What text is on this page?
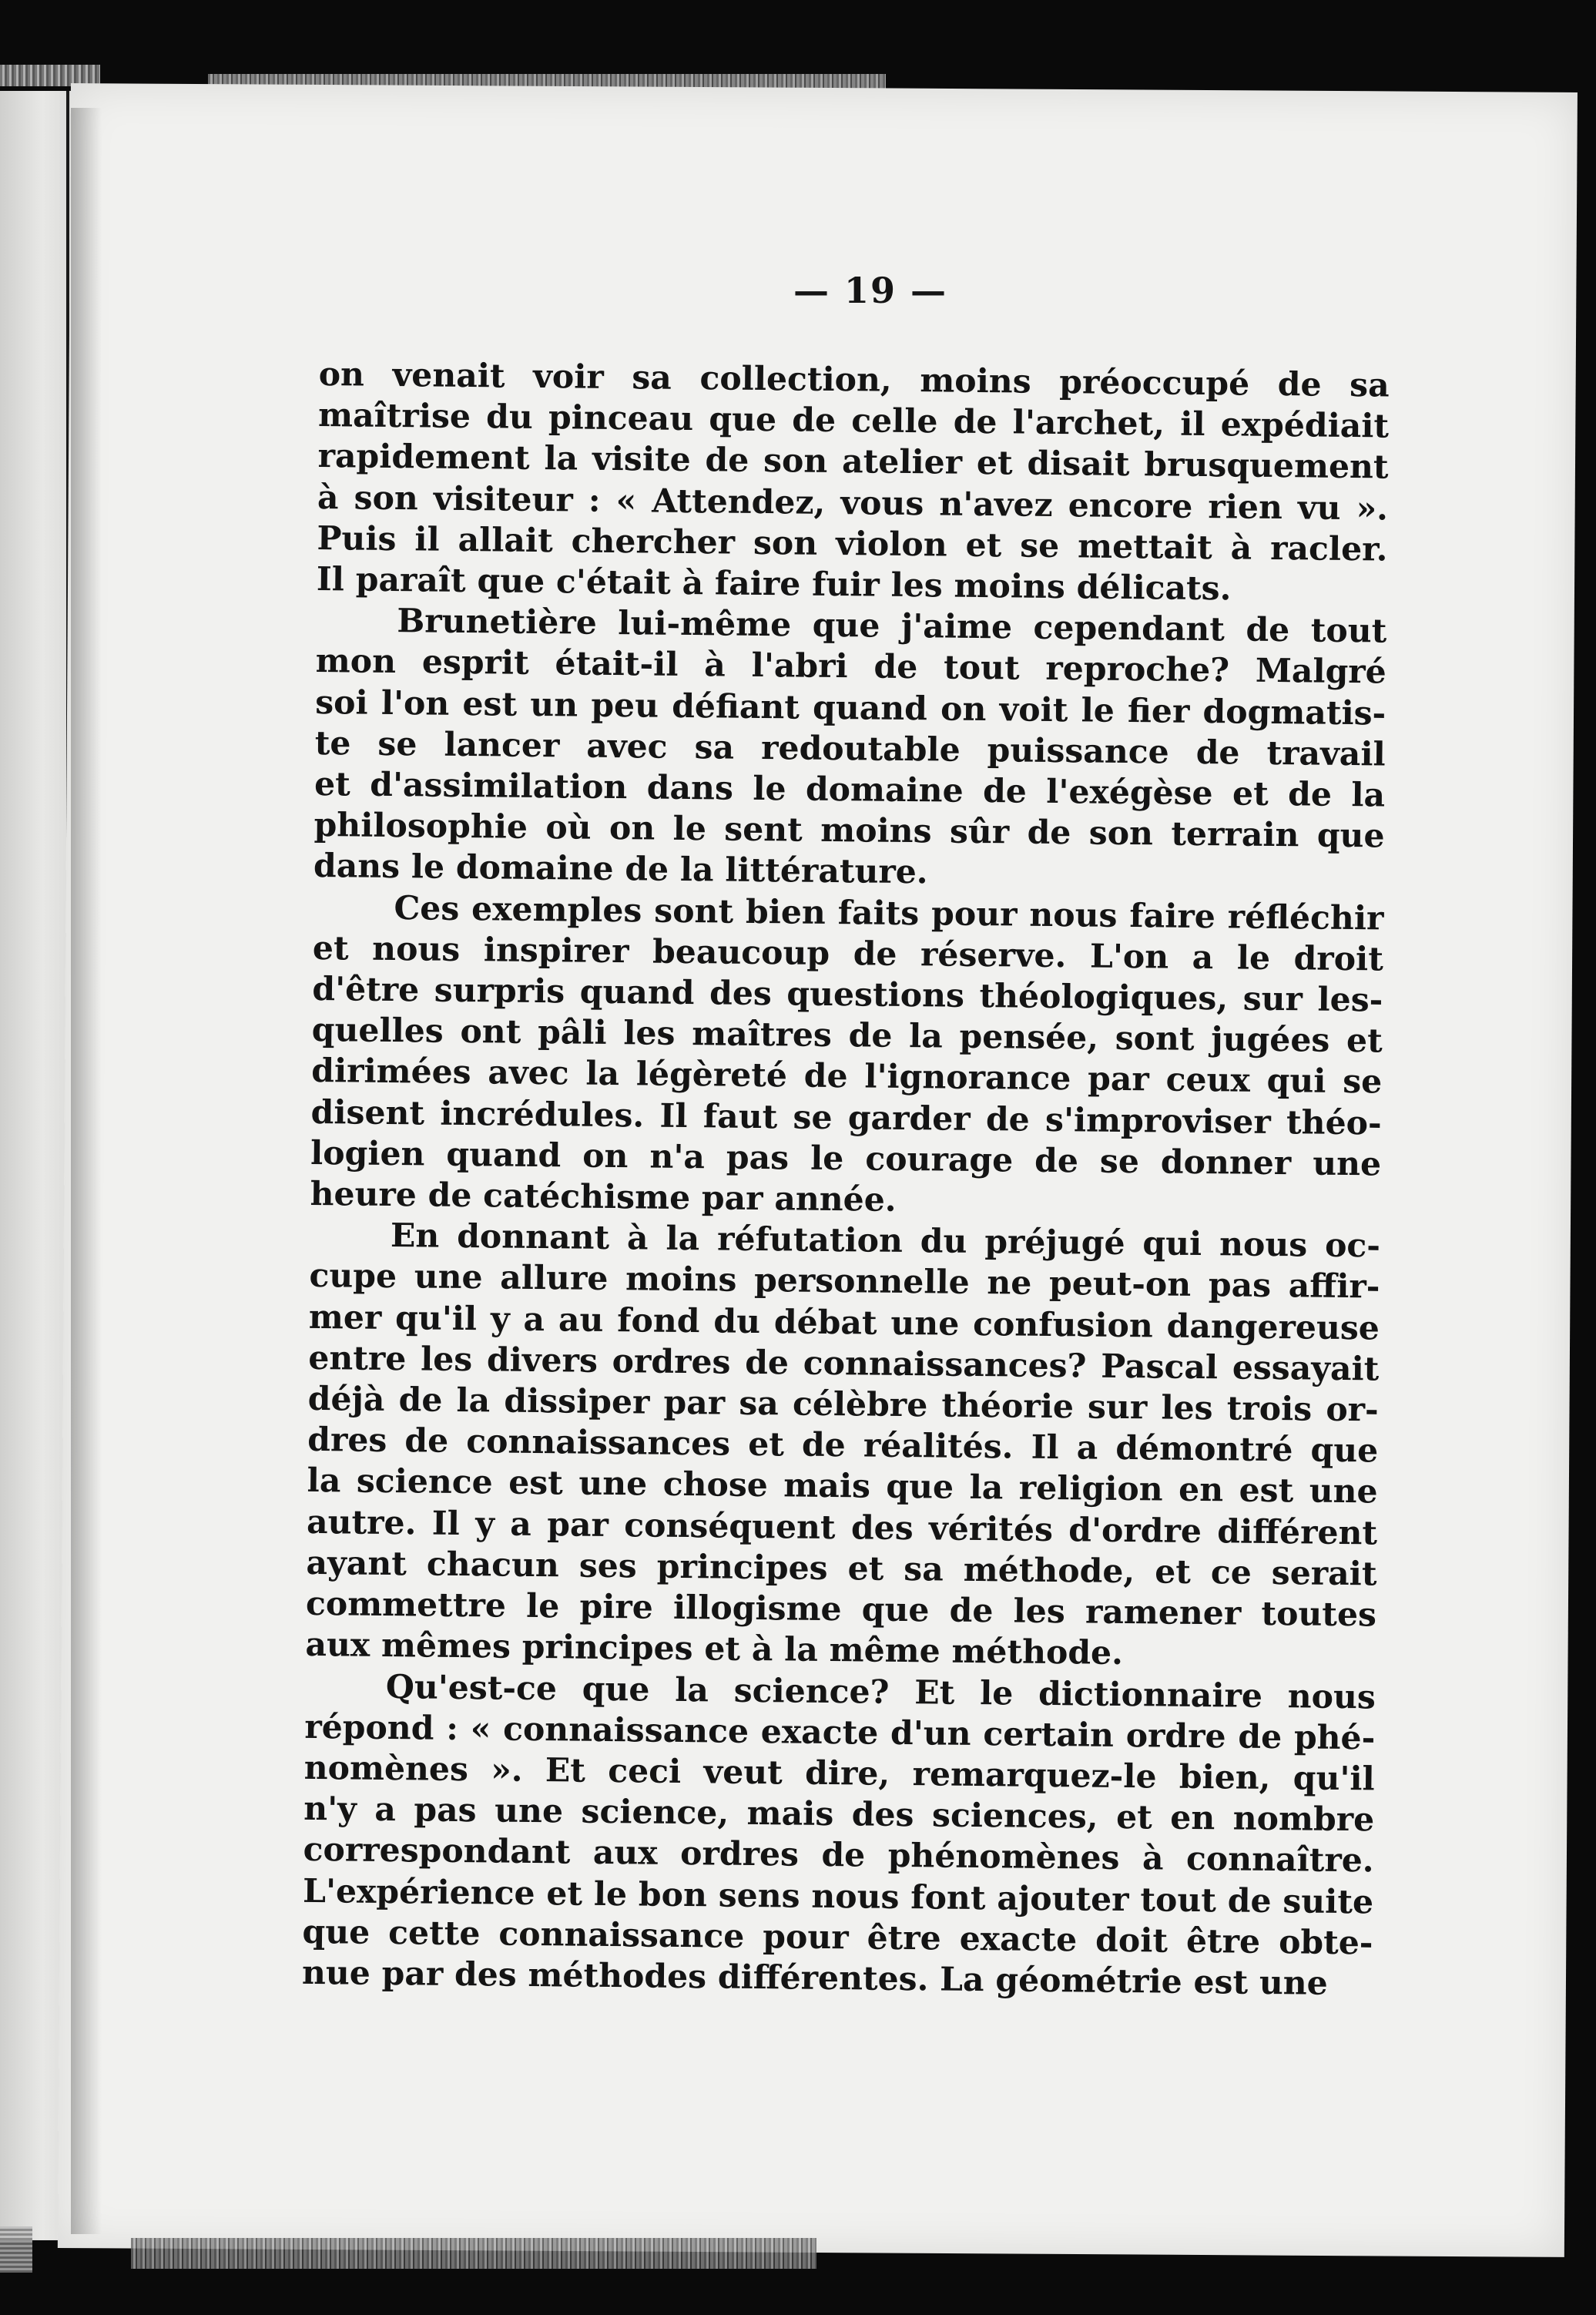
— 19 —
on venait voir sa collection, moins préoccupé de sa
maîtrise du pinceau que de celle de l'archet, il expédiait
rapidement la visite de son atelier et disait brusquement
à son visiteur : « Attendez, vous n'avez encore rien vu ».
Puis il allait chercher son violon et se mettait à racler.
Il paraît que c'était à faire fuir les moins délicats.
Brunetière lui-même que j'aime cependant de tout
mon esprit était-il à l'abri de tout reproche? Malgré
soi l'on est un peu défiant quand on voit le fier dogmatis-
te se lancer avec sa redoutable puissance de travail
et d'assimilation dans le domaine de l'exégèse et de la
philosophie où on le sent moins sûr de son terrain que
dans le domaine de la littérature.
Ces exemples sont bien faits pour nous faire réfléchir
et nous inspirer beaucoup de réserve. L'on a le droit
d'être surpris quand des questions théologiques, sur les-
quelles ont pâli les maîtres de la pensée, sont jugées et
dirimées avec la légèreté de l'ignorance par ceux qui se
disent incrédules. Il faut se garder de s'improviser théo-
logien quand on n'a pas le courage de se donner une
heure de catéchisme par année.
En donnant à la réfutation du préjugé qui nous oc-
cupe une allure moins personnelle ne peut-on pas affir-
mer qu'il y a au fond du débat une confusion dangereuse
entre les divers ordres de connaissances? Pascal essayait
déjà de la dissiper par sa célèbre théorie sur les trois or-
dres de connaissances et de réalités. Il a démontré que
la science est une chose mais que la religion en est une
autre. Il y a par conséquent des vérités d'ordre différent
ayant chacun ses principes et sa méthode, et ce serait
commettre le pire illogisme que de les ramener toutes
aux mêmes principes et à la même méthode.
Qu'est-ce que la science? Et le dictionnaire nous
répond : « connaissance exacte d'un certain ordre de phé-
nomènes ». Et ceci veut dire, remarquez-le bien, qu'il
n'y a pas une science, mais des sciences, et en nombre
correspondant aux ordres de phénomènes à connaître.
L'expérience et le bon sens nous font ajouter tout de suite
que cette connaissance pour être exacte doit être obte-
nue par des méthodes différentes. La géométrie est une
